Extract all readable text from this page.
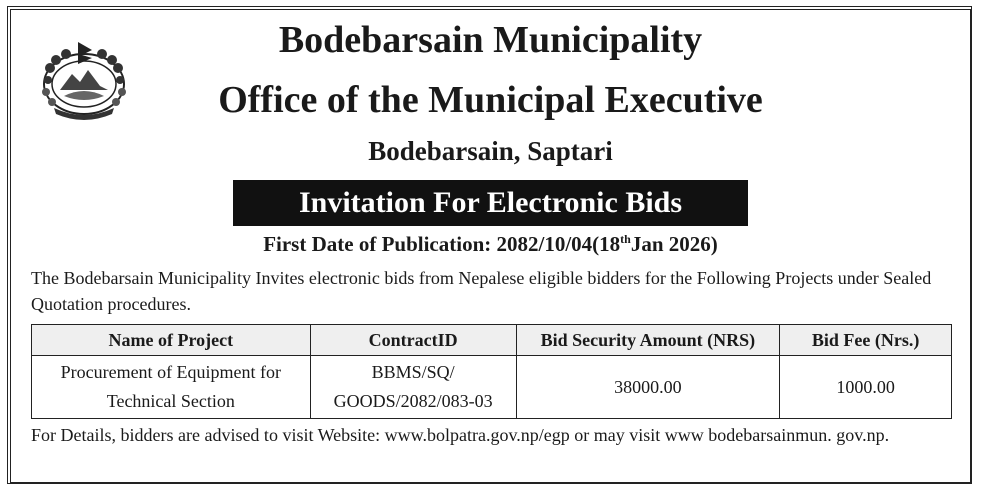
Bodebarsain Municipality
Office of the Municipal Executive
Bodebarsain, Saptari
Invitation For Electronic Bids
First Date of Publication: 2082/10/04(18thJan 2026)
The Bodebarsain Municipality Invites electronic bids from Nepalese eligible bidders for the Following Projects under Sealed Quotation procedures.
Name of Project	ContractID	Bid Security Amount (NRS)	Bid Fee (Nrs.)
Procurement of Equipment for Technical Section	BBMS/SQ/ GOODS/2082/083-03	38000.00	1000.00
For Details, bidders are advised to visit Website: www.bolpatra.gov.np/egp or may visit www bodebarsainmun. gov.np.
